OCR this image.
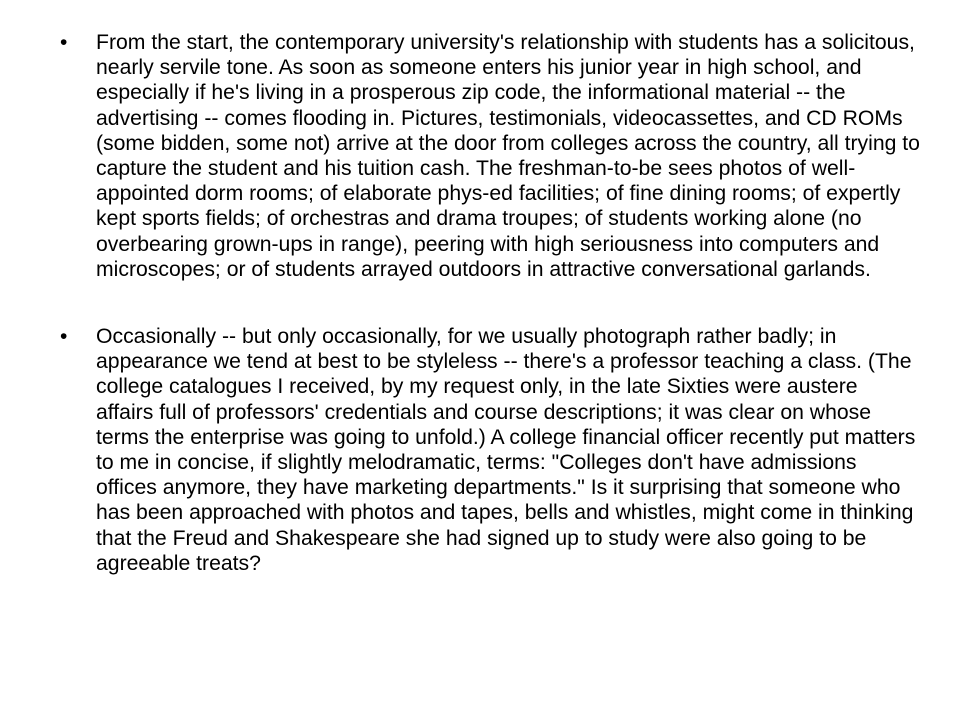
•	From the start, the contemporary university's relationship with students has a solicitous, nearly servile tone. As soon as someone enters his junior year in high school, and especially if he's living in a prosperous zip code, the informational material -- the advertising -- comes flooding in. Pictures, testimonials, videocassettes, and CD ROMs (some bidden, some not) arrive at the door from colleges across the country, all trying to capture the student and his tuition cash. The freshman-to-be sees photos of well-appointed dorm rooms; of elaborate phys-ed facilities; of fine dining rooms; of expertly kept sports fields; of orchestras and drama troupes; of students working alone (no overbearing grown-ups in range), peering with high seriousness into computers and microscopes; or of students arrayed outdoors in attractive conversational garlands.
•	Occasionally -- but only occasionally, for we usually photograph rather badly; in appearance we tend at best to be styleless -- there's a professor teaching a class. (The college catalogues I received, by my request only, in the late Sixties were austere affairs full of professors' credentials and course descriptions; it was clear on whose terms the enterprise was going to unfold.) A college financial officer recently put matters to me in concise, if slightly melodramatic, terms: "Colleges don't have admissions offices anymore, they have marketing departments." Is it surprising that someone who has been approached with photos and tapes, bells and whistles, might come in thinking that the Freud and Shakespeare she had signed up to study were also going to be agreeable treats?
